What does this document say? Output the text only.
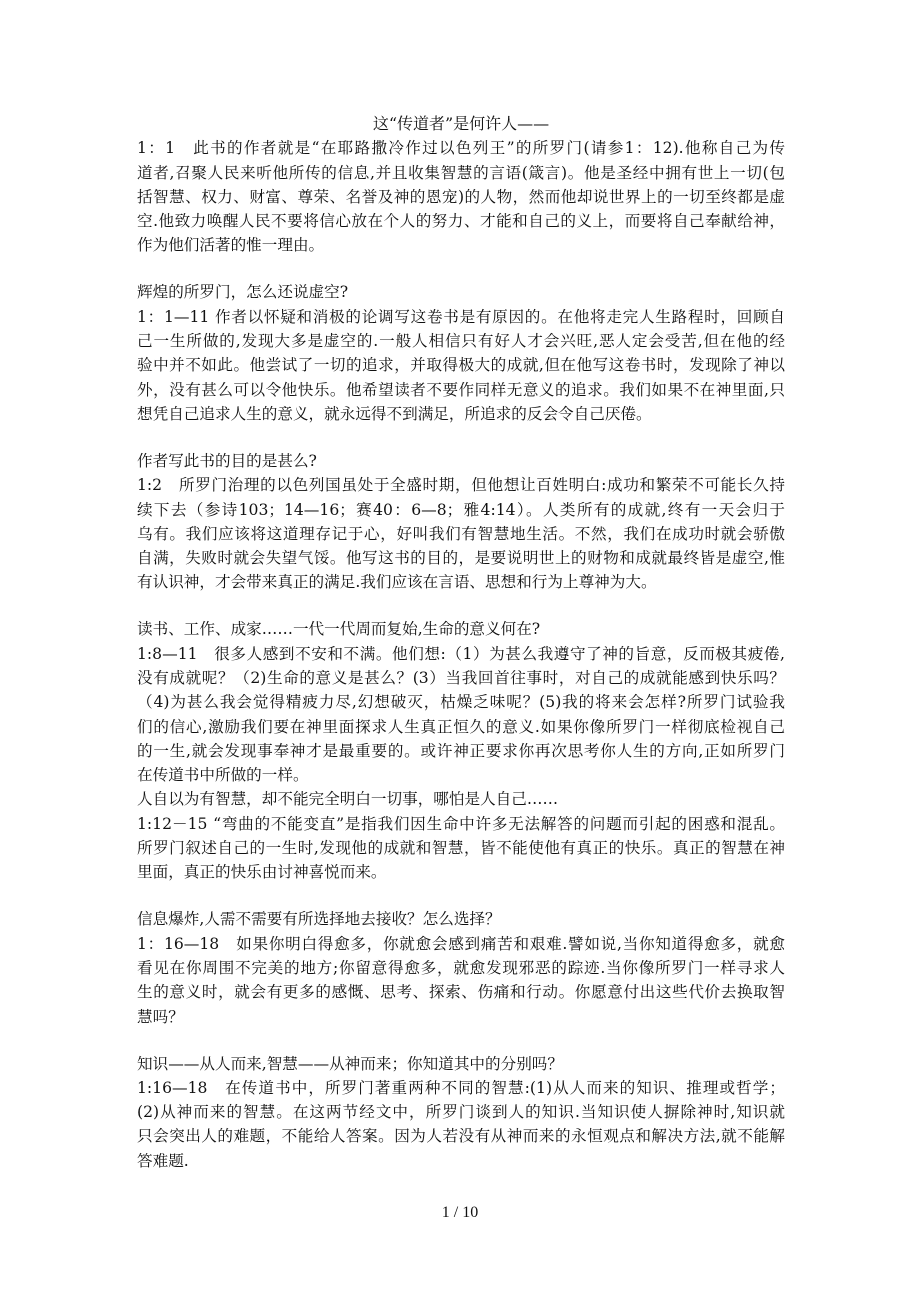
这“传道者”是何许人——
1：1　此书的作者就是“在耶路撒冷作过以色列王”的所罗门(请参1：12).他称自己为传
道者,召聚人民来听他所传的信息,并且收集智慧的言语(箴言)。他是圣经中拥有世上一切(包
括智慧、权力、财富、尊荣、名誉及神的恩宠)的人物，然而他却说世界上的一切至终都是虚
空.他致力唤醒人民不要将信心放在个人的努力、才能和自己的义上，而要将自己奉献给神，
作为他们活著的惟一理由。
辉煌的所罗门，怎么还说虚空?
1：1—11 作者以怀疑和消极的论调写这卷书是有原因的。在他将走完人生路程时，回顾自
己一生所做的,发现大多是虚空的.一般人相信只有好人才会兴旺,恶人定会受苦,但在他的经
验中并不如此。他尝试了一切的追求，并取得极大的成就,但在他写这卷书时，发现除了神以
外，没有甚么可以令他快乐。他希望读者不要作同样无意义的追求。我们如果不在神里面,只
想凭自己追求人生的意义，就永远得不到满足，所追求的反会令自己厌倦。
作者写此书的目的是甚么?
1:2　所罗门治理的以色列国虽处于全盛时期，但他想让百姓明白:成功和繁荣不可能长久持
续下去（参诗103；14—16；赛40：6—8；雅4:14）。人类所有的成就,终有一天会归于
乌有。我们应该将这道理存记于心，好叫我们有智慧地生活。不然，我们在成功时就会骄傲
自满，失败时就会失望气馁。他写这书的目的，是要说明世上的财物和成就最终皆是虚空,惟
有认识神，才会带来真正的满足.我们应该在言语、思想和行为上尊神为大。
读书、工作、成家……一代一代周而复始,生命的意义何在?
1:8—11　很多人感到不安和不满。他们想:（1）为甚么我遵守了神的旨意，反而极其疲倦,
没有成就呢？（2)生命的意义是甚么？(3）当我回首往事时，对自己的成就能感到快乐吗？
（4)为甚么我会觉得精疲力尽,幻想破灭，枯燥乏味呢？(5)我的将来会怎样?所罗门试验我
们的信心,激励我们要在神里面探求人生真正恒久的意义.如果你像所罗门一样彻底检视自己
的一生,就会发现事奉神才是最重要的。或许神正要求你再次思考你人生的方向,正如所罗门
在传道书中所做的一样。
人自以为有智慧，却不能完全明白一切事，哪怕是人自己……
1:12－15 “弯曲的不能变直”是指我们因生命中许多无法解答的问题而引起的困惑和混乱。
所罗门叙述自己的一生时,发现他的成就和智慧，皆不能使他有真正的快乐。真正的智慧在神
里面，真正的快乐由讨神喜悦而来。
信息爆炸,人需不需要有所选择地去接收？怎么选择？
1：16—18　如果你明白得愈多，你就愈会感到痛苦和艰难.譬如说,当你知道得愈多，就愈
看见在你周围不完美的地方;你留意得愈多，就愈发现邪恶的踪迹.当你像所罗门一样寻求人
生的意义时，就会有更多的感慨、思考、探索、伤痛和行动。你愿意付出这些代价去换取智
慧吗？
知识——从人而来,智慧——从神而来；你知道其中的分别吗？
1:16—18　在传道书中，所罗门著重两种不同的智慧:(1)从人而来的知识、推理或哲学；
(2)从神而来的智慧。在这两节经文中，所罗门谈到人的知识.当知识使人摒除神时,知识就
只会突出人的难题，不能给人答案。因为人若没有从神而来的永恒观点和解决方法,就不能解
答难题.
1 / 10
